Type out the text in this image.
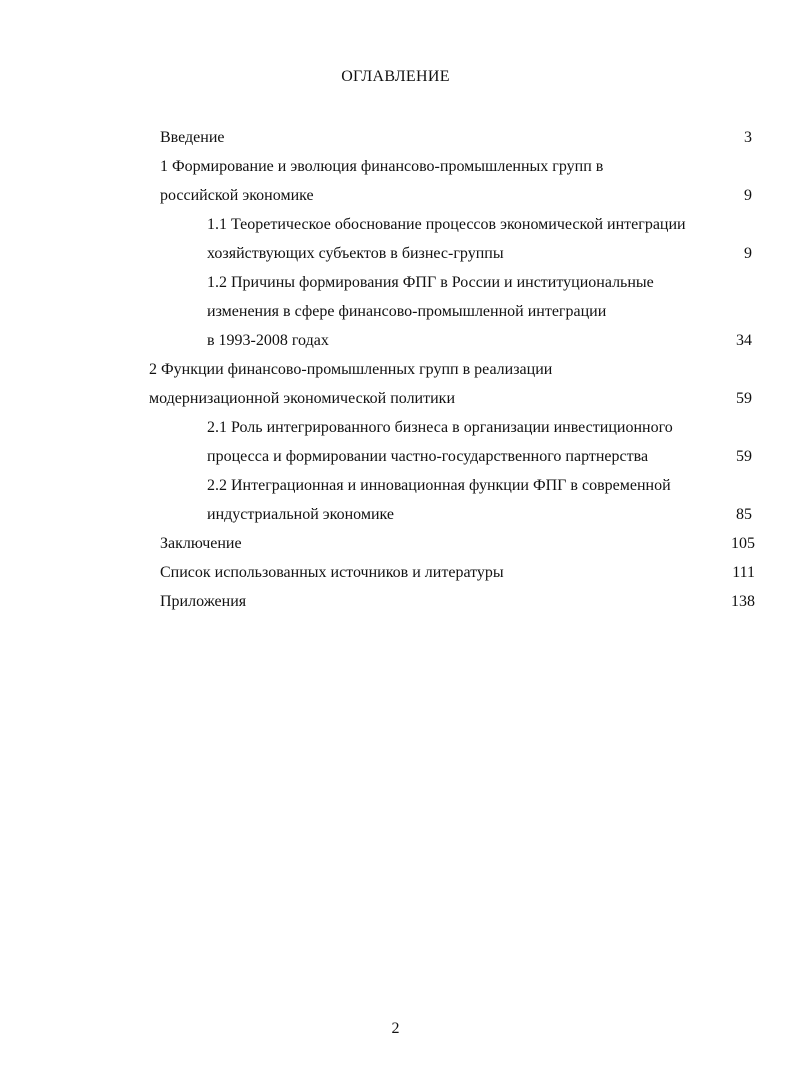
ОГЛАВЛЕНИЕ
Введение	3
1 Формирование и эволюция финансово-промышленных групп в
российской экономике	9
1.1 Теоретическое обоснование процессов экономической интеграции
хозяйствующих субъектов в бизнес-группы	9
1.2 Причины формирования ФПГ в России и институциональные
изменения в сфере финансово-промышленной интеграции
в 1993-2008 годах	34
2 Функции финансово-промышленных групп в реализации
модернизационной экономической политики	59
2.1 Роль интегрированного бизнеса в организации инвестиционного
процесса и формировании частно-государственного партнерства	59
2.2 Интеграционная и инновационная функции ФПГ в современной
индустриальной экономике	85
Заключение	105
Список использованных источников и литературы	111
Приложения	138
2
